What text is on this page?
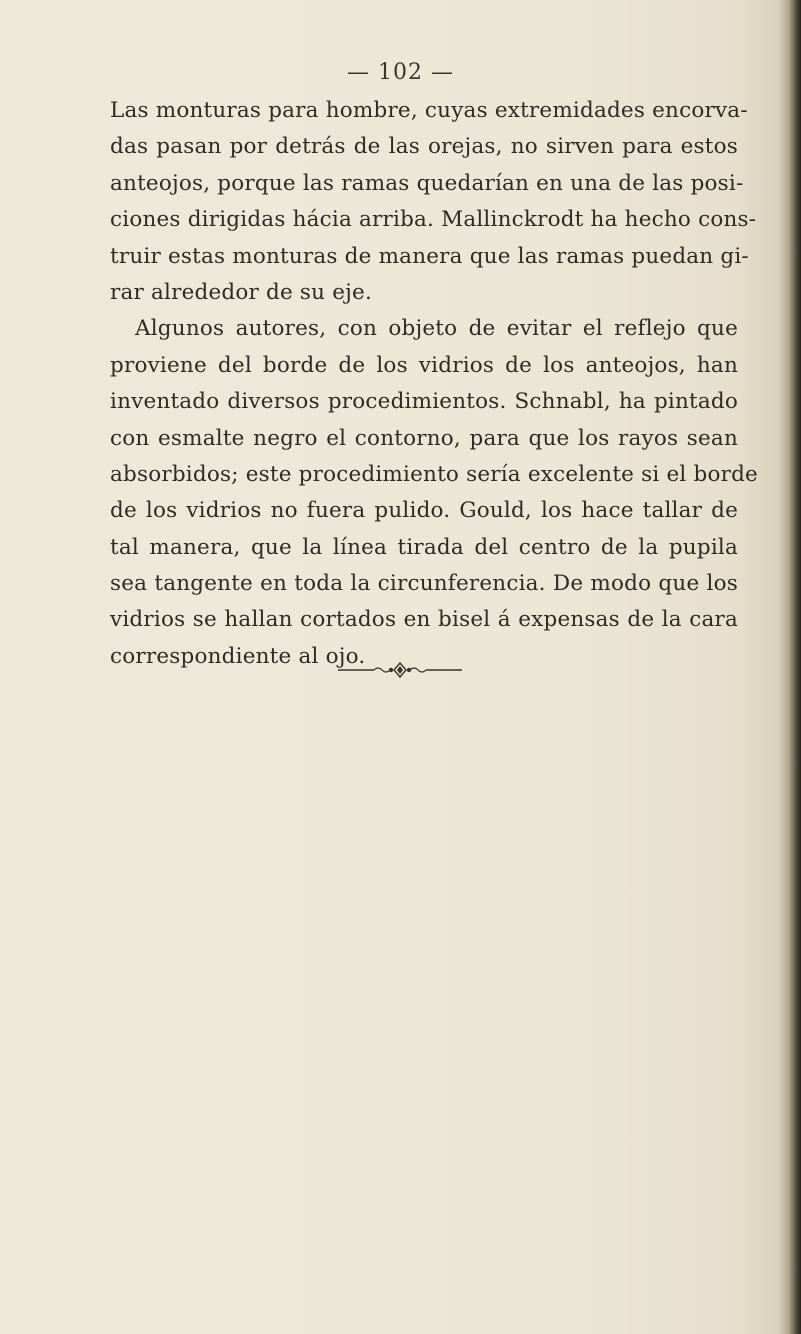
— 102 —
Las monturas para hombre, cuyas extremidades encorva-
das pasan por detrás de las orejas, no sirven para estos
anteojos, porque las ramas quedarían en una de las posi-
ciones dirigidas hácia arriba. Mallinckrodt ha hecho cons-
truir estas monturas de manera que las ramas puedan gi-
rar alrededor de su eje.
Algunos autores, con objeto de evitar el reflejo que
proviene del borde de los vidrios de los anteojos, han
inventado diversos procedimientos. Schnabl, ha pintado
con esmalte negro el contorno, para que los rayos sean
absorbidos; este procedimiento sería excelente si el borde
de los vidrios no fuera pulido. Gould, los hace tallar de
tal manera, que la línea tirada del centro de la pupila
sea tangente en toda la circunferencia. De modo que los
vidrios se hallan cortados en bisel á expensas de la cara
correspondiente al ojo.
